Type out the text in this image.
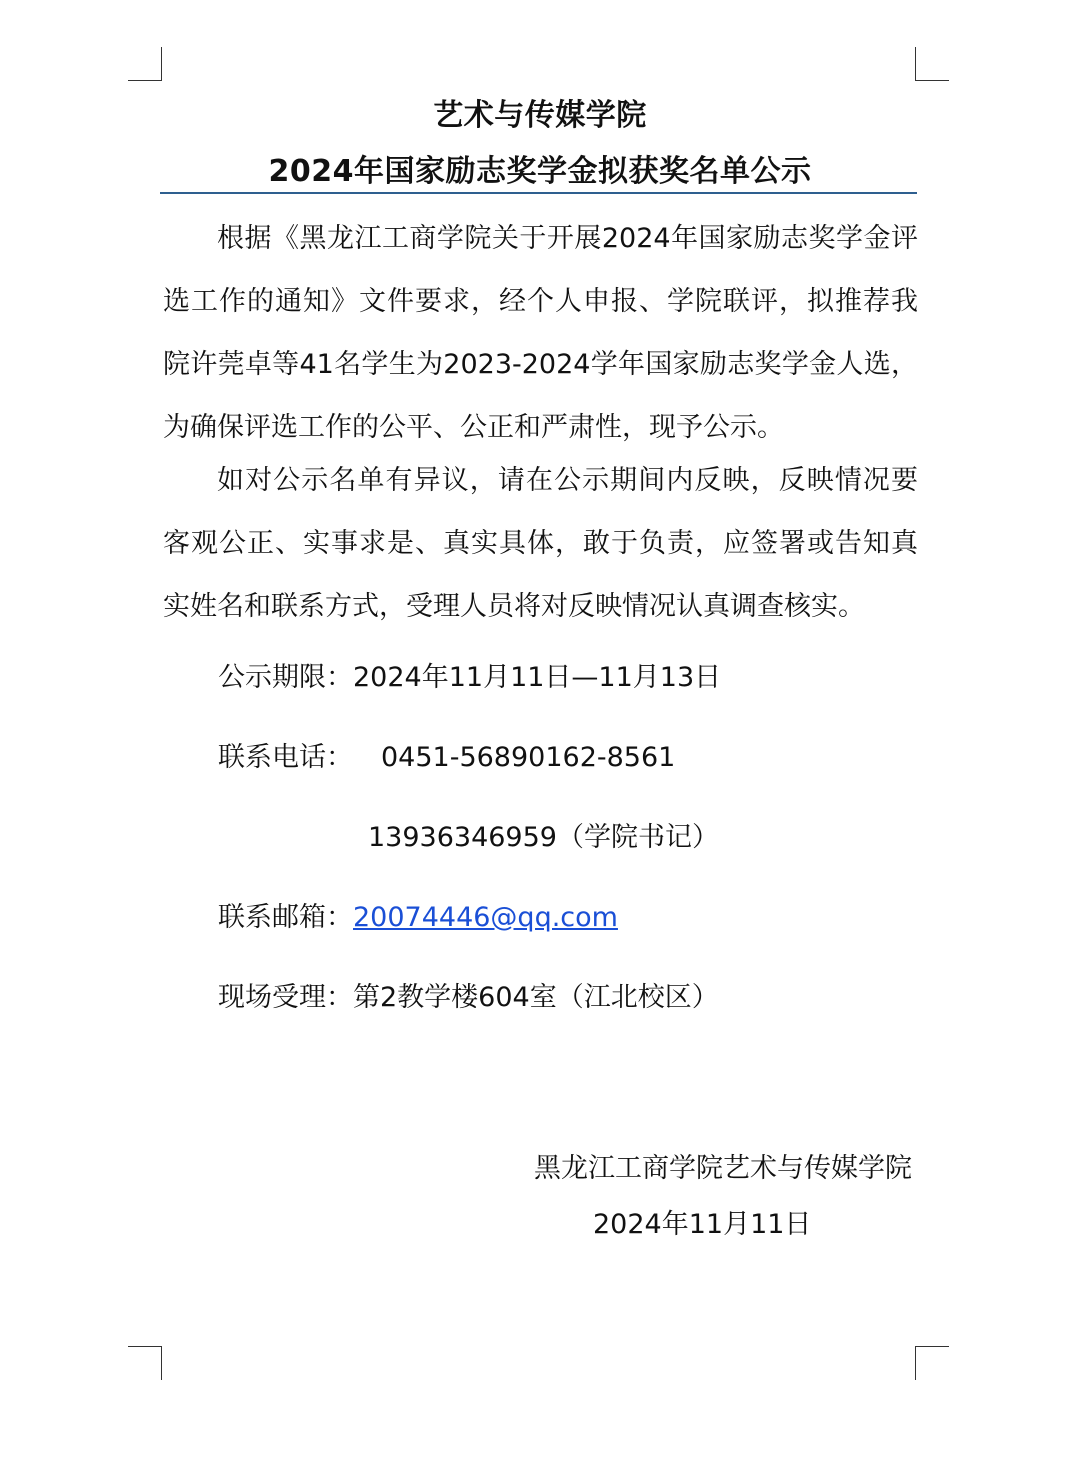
艺术与传媒学院
2024年国家励志奖学金拟获奖名单公示

根据《黑龙江工商学院关于开展2024年国家励志奖学金评选工作的通知》文件要求，经个人申报、学院联评，拟推荐我院许莞卓等41名学生为2023-2024学年国家励志奖学金人选，为确保评选工作的公平、公正和严肃性，现予公示。

如对公示名单有异议，请在公示期间内反映，反映情况要客观公正、实事求是、真实具体，敢于负责，应签署或告知真实姓名和联系方式，受理人员将对反映情况认真调查核实。

公示期限：2024年11月11日—11月13日
联系电话： 0451-56890162-8561
13936346959（学院书记）
联系邮箱：20074446@qq.com
现场受理：第2教学楼604室（江北校区）
黑龙江工商学院艺术与传媒学院
2024年11月11日
